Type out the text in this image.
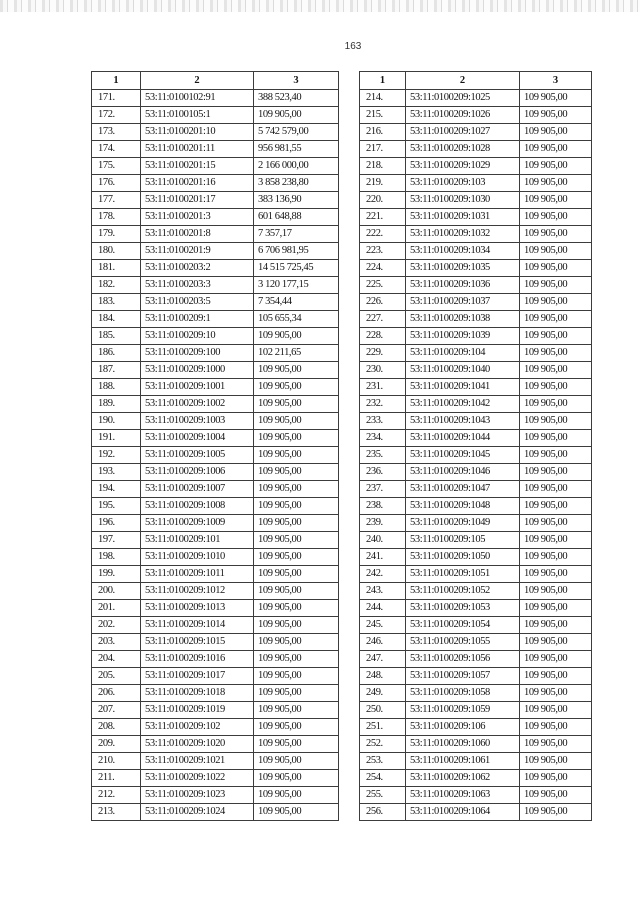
163
1	2	3
171.	53:11:0100102:91	388 523,40
172.	53:11:0100105:1	109 905,00
173.	53:11:0100201:10	5 742 579,00
174.	53:11:0100201:11	956 981,55
175.	53:11:0100201:15	2 166 000,00
176.	53:11:0100201:16	3 858 238,80
177.	53:11:0100201:17	383 136,90
178.	53:11:0100201:3	601 648,88
179.	53:11:0100201:8	7 357,17
180.	53:11:0100201:9	6 706 981,95
181.	53:11:0100203:2	14 515 725,45
182.	53:11:0100203:3	3 120 177,15
183.	53:11:0100203:5	7 354,44
184.	53:11:0100209:1	105 655,34
185.	53:11:0100209:10	109 905,00
186.	53:11:0100209:100	102 211,65
187.	53:11:0100209:1000	109 905,00
188.	53:11:0100209:1001	109 905,00
189.	53:11:0100209:1002	109 905,00
190.	53:11:0100209:1003	109 905,00
191.	53:11:0100209:1004	109 905,00
192.	53:11:0100209:1005	109 905,00
193.	53:11:0100209:1006	109 905,00
194.	53:11:0100209:1007	109 905,00
195.	53:11:0100209:1008	109 905,00
196.	53:11:0100209:1009	109 905,00
197.	53:11:0100209:101	109 905,00
198.	53:11:0100209:1010	109 905,00
199.	53:11:0100209:1011	109 905,00
200.	53:11:0100209:1012	109 905,00
201.	53:11:0100209:1013	109 905,00
202.	53:11:0100209:1014	109 905,00
203.	53:11:0100209:1015	109 905,00
204.	53:11:0100209:1016	109 905,00
205.	53:11:0100209:1017	109 905,00
206.	53:11:0100209:1018	109 905,00
207.	53:11:0100209:1019	109 905,00
208.	53:11:0100209:102	109 905,00
209.	53:11:0100209:1020	109 905,00
210.	53:11:0100209:1021	109 905,00
211.	53:11:0100209:1022	109 905,00
212.	53:11:0100209:1023	109 905,00
213.	53:11:0100209:1024	109 905,00
1	2	3
214.	53:11:0100209:1025	109 905,00
215.	53:11:0100209:1026	109 905,00
216.	53:11:0100209:1027	109 905,00
217.	53:11:0100209:1028	109 905,00
218.	53:11:0100209:1029	109 905,00
219.	53:11:0100209:103	109 905,00
220.	53:11:0100209:1030	109 905,00
221.	53:11:0100209:1031	109 905,00
222.	53:11:0100209:1032	109 905,00
223.	53:11:0100209:1034	109 905,00
224.	53:11:0100209:1035	109 905,00
225.	53:11:0100209:1036	109 905,00
226.	53:11:0100209:1037	109 905,00
227.	53:11:0100209:1038	109 905,00
228.	53:11:0100209:1039	109 905,00
229.	53:11:0100209:104	109 905,00
230.	53:11:0100209:1040	109 905,00
231.	53:11:0100209:1041	109 905,00
232.	53:11:0100209:1042	109 905,00
233.	53:11:0100209:1043	109 905,00
234.	53:11:0100209:1044	109 905,00
235.	53:11:0100209:1045	109 905,00
236.	53:11:0100209:1046	109 905,00
237.	53:11:0100209:1047	109 905,00
238.	53:11:0100209:1048	109 905,00
239.	53:11:0100209:1049	109 905,00
240.	53:11:0100209:105	109 905,00
241.	53:11:0100209:1050	109 905,00
242.	53:11:0100209:1051	109 905,00
243.	53:11:0100209:1052	109 905,00
244.	53:11:0100209:1053	109 905,00
245.	53:11:0100209:1054	109 905,00
246.	53:11:0100209:1055	109 905,00
247.	53:11:0100209:1056	109 905,00
248.	53:11:0100209:1057	109 905,00
249.	53:11:0100209:1058	109 905,00
250.	53:11:0100209:1059	109 905,00
251.	53:11:0100209:106	109 905,00
252.	53:11:0100209:1060	109 905,00
253.	53:11:0100209:1061	109 905,00
254.	53:11:0100209:1062	109 905,00
255.	53:11:0100209:1063	109 905,00
256.	53:11:0100209:1064	109 905,00
